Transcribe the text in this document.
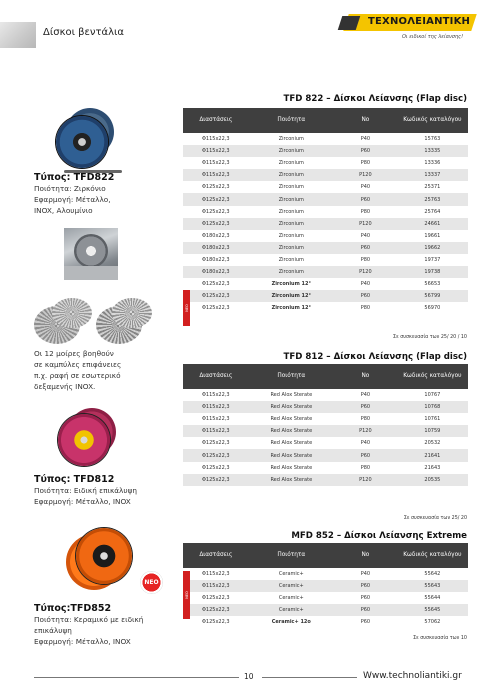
Δίσκοι βεντάλια
ΤΕΧΝΟΛΕΙΑΝΤΙΚΗ
Οι ειδικοί της λείανσης!
Τύπος: TFD822
Ποιότητα: Ζιρκόνιο
Εφαρμογή: Μέταλλο,
INOX, Αλουμίνιο
Οι 12 μοίρες βοηθούν
σε καμπύλες επιφάνειες
π.χ. ραφή σε εσωτερικό
δεξαμενής INOX.
Τύπος: TFD812
Ποιότητα: Ειδική επικάλυψη
Εφαρμογή: Μέταλλο, INOX
NEO
Τύπος:TFD852
Ποιότητα: Κεραμικό με ειδική
επικάλυψη
Εφαρμογή: Μέταλλο, INOX
TFD 822 – Δίσκοι Λείανσης (Flap disc)
Διαστάσεις	Ποιότητα	No	Κωδικός καταλόγου
Φ115x22,3	Zirconium	P40	15763
Φ115x22,3	Zirconium	P60	13335
Φ115x22,3	Zirconium	P80	13336
Φ115x22,3	Zirconium	P120	13337
Φ125x22,3	Zirconium	P40	25371
Φ125x22,3	Zirconium	P60	25763
Φ125x22,3	Zirconium	P80	25764
Φ125x22,3	Zirconium	P120	24661
Φ180x22,3	Zirconium	P40	19661
Φ180x22,3	Zirconium	P60	19662
Φ180x22,3	Zirconium	P80	19737
Φ180x22,3	Zirconium	P120	19738
Φ125x22,3	Zirconium 12°	P40	56653
Φ125x22,3	Zirconium 12°	P60	56799
Φ125x22,3	Zirconium 12°	P80	56970
ΝΕΟ
Σε συσκευασία των 25/ 20 / 10
TFD 812 – Δίσκοι Λείανσης (Flap disc)
Διαστάσεις	Ποιότητα	No	Κωδικός καταλόγου
Φ115x22,3	Red Alox Sterate	P40	10767
Φ115x22,3	Red Alox Sterate	P60	10768
Φ115x22,3	Red Alox Sterate	P80	10761
Φ115x22,3	Red Alox Sterate	P120	10759
Φ125x22,3	Red Alox Sterate	P40	20532
Φ125x22,3	Red Alox Sterate	P60	21641
Φ125x22,3	Red Alox Sterate	P80	21643
Φ125x22,3	Red Alox Sterate	P120	20535
Σε συσκευασία των 25/ 20
MFD 852 – Δίσκοι Λείανσης Extreme
Διαστάσεις	Ποιότητα	No	Κωδικός καταλόγου
Φ115x22,3	Ceramic+	P40	55642
Φ115x22,3	Ceramic+	P60	55643
Φ125x22,3	Ceramic+	P60	55644
Φ125x22,3	Ceramic+	P60	55645
Φ125x22,3	Ceramic+ 12o	P60	57062
ΝΕΟ
Σε συσκευασία των 10
10	Www.technoliantiki.gr
